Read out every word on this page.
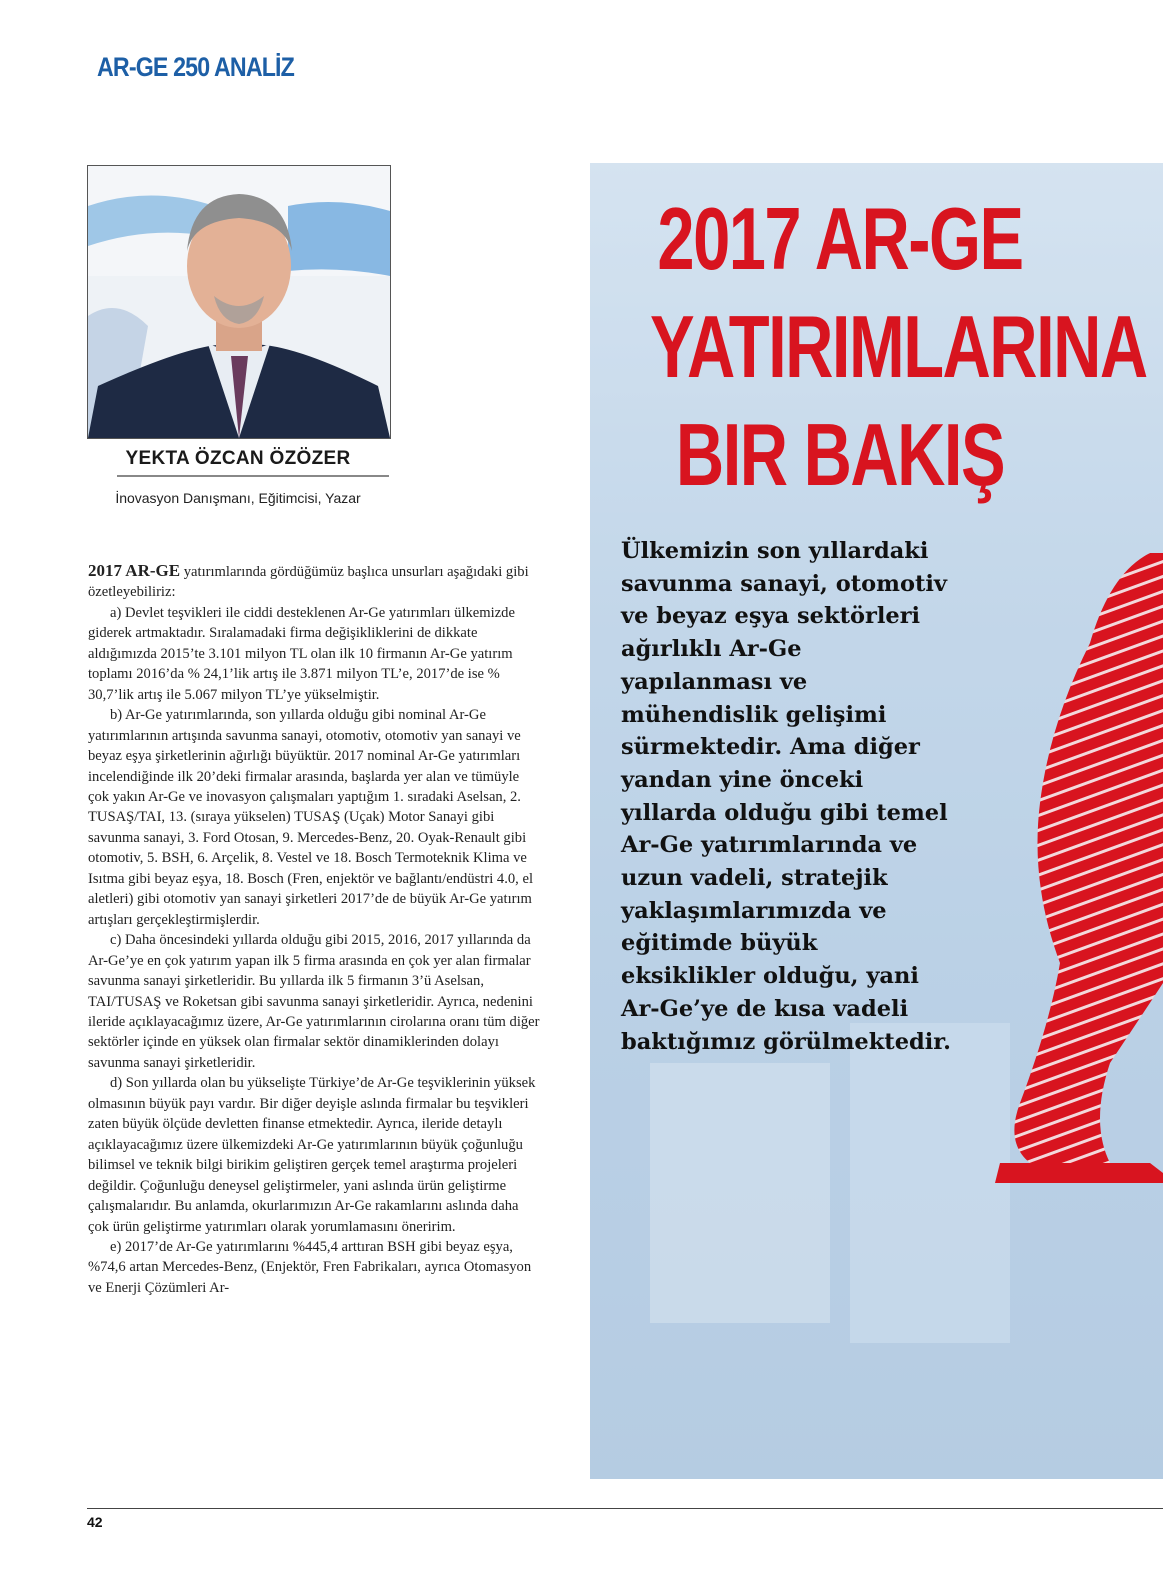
AR-GE 250 ANALİZ
YEKTA ÖZCAN ÖZÖZER
İnovasyon Danışmanı, Eğitimcisi, Yazar

2017 AR-GE yatırımlarında gördüğümüz başlıca unsurları aşağıdaki gibi özetleyebiliriz:

a) Devlet teşvikleri ile ciddi desteklenen Ar-Ge yatırımları ülkemizde giderek artmaktadır. Sıralamadaki firma değişikliklerini de dikkate aldığımızda 2015’te 3.101 milyon TL olan ilk 10 firmanın Ar-Ge yatırım toplamı 2016’da % 24,1’lik artış ile 3.871 milyon TL’e, 2017’de ise % 30,7’lik artış ile 5.067 milyon TL’ye yükselmiştir.

b) Ar-Ge yatırımlarında, son yıllarda olduğu gibi nominal Ar-Ge yatırımlarının artışında savunma sanayi, otomotiv, otomotiv yan sanayi ve beyaz eşya şirketlerinin ağırlığı büyüktür. 2017 nominal Ar-Ge yatırımları incelendiğinde ilk 20’deki firmalar arasında, başlarda yer alan ve tümüyle çok yakın Ar-Ge ve inovasyon çalışmaları yaptığım 1. sıradaki Aselsan, 2. TUSAŞ/TAI, 13. (sıraya yükselen) TUSAŞ (Uçak) Motor Sanayi gibi savunma sanayi, 3. Ford Otosan, 9. Mercedes-Benz, 20. Oyak-Renault gibi otomotiv, 5. BSH, 6. Arçelik, 8. Vestel ve 18. Bosch Termoteknik Klima ve Isıtma gibi beyaz eşya, 18. Bosch (Fren, enjektör ve bağlantı/endüstri 4.0, el aletleri) gibi otomotiv yan sanayi şirketleri 2017’de de büyük Ar-Ge yatırım artışları gerçekleştirmişlerdir.

c) Daha öncesindeki yıllarda olduğu gibi 2015, 2016, 2017 yıllarında da Ar-Ge’ye en çok yatırım yapan ilk 5 firma arasında en çok yer alan firmalar savunma sanayi şirketleridir. Bu yıllarda ilk 5 firmanın 3’ü Aselsan, TAI/TUSAŞ ve Roketsan gibi savunma sanayi şirketleridir. Ayrıca, nedenini ileride açıklayacağımız üzere, Ar-Ge yatırımlarının cirolarına oranı tüm diğer sektörler içinde en yüksek olan firmalar sektör dinamiklerinden dolayı savunma sanayi şirketleridir.

d) Son yıllarda olan bu yükselişte Türkiye’de Ar-Ge teşviklerinin yüksek olmasının büyük payı vardır. Bir diğer deyişle aslında firmalar bu teşvikleri zaten büyük ölçüde devletten finanse etmektedir. Ayrıca, ileride detaylı açıklayacağımız üzere ülkemizdeki Ar-Ge yatırımlarının büyük çoğunluğu bilimsel ve teknik bilgi birikim geliştiren gerçek temel araştırma projeleri değildir. Çoğunluğu deneysel geliştirmeler, yani aslında ürün geliştirme çalışmalarıdır. Bu anlamda, okurlarımızın Ar-Ge rakamlarını aslında daha çok ürün geliştirme yatırımları olarak yorumlamasını öneririm.

e) 2017’de Ar-Ge yatırımlarını %445,4 arttıran BSH gibi beyaz eşya, %74,6 artan Mercedes-Benz, (Enjektör, Fren Fabrikaları, ayrıca Otomasyon ve Enerji Çözümleri Ar-

2017 AR-GE
YATIRIMLARINA
BIR BAKIŞ
Ülkemizin son yıllardaki savunma sanayi, otomotiv ve beyaz eşya sektörleri ağırlıklı Ar-Ge yapılanması ve mühendislik gelişimi sürmektedir. Ama diğer yandan yine önceki yıllarda olduğu gibi temel Ar-Ge yatırımlarında ve uzun vadeli, stratejik yaklaşımlarımızda ve eğitimde büyük eksiklikler olduğu, yani Ar-Ge’ye de kısa vadeli baktığımız görülmektedir.
42
